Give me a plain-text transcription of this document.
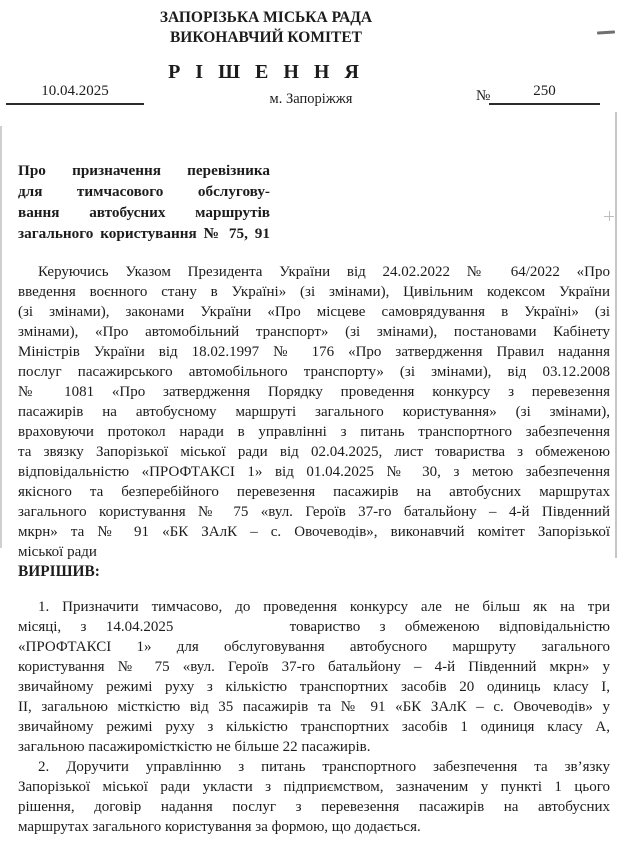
ЗАПОРІЗЬКА МІСЬКА РАДА
ВИКОНАВЧИЙ КОМІТЕТ
Р І Ш Е Н Н Я
10.04.2025	м. Запоріжжя	№	250
Про призначення перевізника
для тимчасового обслугову-
вання автобусних маршрутів
загального користування № 75, 91
Керуючись Указом Президента України від 24.02.2022 № 64/2022 «Про
введення воєнного стану в Україні» (зі змінами), Цивільним кодексом України
(зі змінами), законами України «Про місцеве самоврядування в Україні» (зі
змінами), «Про автомобільний транспорт» (зі змінами), постановами Кабінету
Міністрів України від 18.02.1997 № 176 «Про затвердження Правил надання
послуг пасажирського автомобільного транспорту» (зі змінами), від 03.12.2008
№ 1081 «Про затвердження Порядку проведення конкурсу з перевезення
пасажирів на автобусному маршруті загального користування» (зі змінами),
враховуючи протокол наради в управлінні з питань транспортного забезпечення
та звязку Запорізької міської ради від 02.04.2025, лист товариства з обмеженою
відповідальністю «ПРОФТАКСІ 1» від 01.04.2025 № 30, з метою забезпечення
якісного та безперебійного перевезення пасажирів на автобусних маршрутах
загального користування № 75 «вул. Героїв 37-го батальйону – 4-й Південний
мкрн» та № 91 «БК ЗАлК – с. Овочеводів», виконавчий комітет Запорізької
міської ради
ВИРІШИВ:
1. Призначити тимчасово, до проведення конкурсу але не більш як на три
місяці, з 14.04.2025      товариство з обмеженою відповідальністю
«ПРОФТАКСІ 1» для обслуговування автобусного маршруту загального
користування № 75 «вул. Героїв 37-го батальйону – 4-й Південний мкрн» у
звичайному режимі руху з кількістю транспортних засобів 20 одиниць класу І,
ІІ, загальною місткістю від 35 пасажирів та № 91 «БК ЗАлК – с. Овочеводів» у
звичайному режимі руху з кількістю транспортних засобів 1 одиниця класу А,
загальною пасажиромісткістю не більше 22 пасажирів.
2. Доручити управлінню з питань транспортного забезпечення та зв’язку
Запорізької міської ради укласти з підприємством, зазначеним у пункті 1 цього
рішення, договір надання послуг з перевезення пасажирів на автобусних
маршрутах загального користування за формою, що додається.
